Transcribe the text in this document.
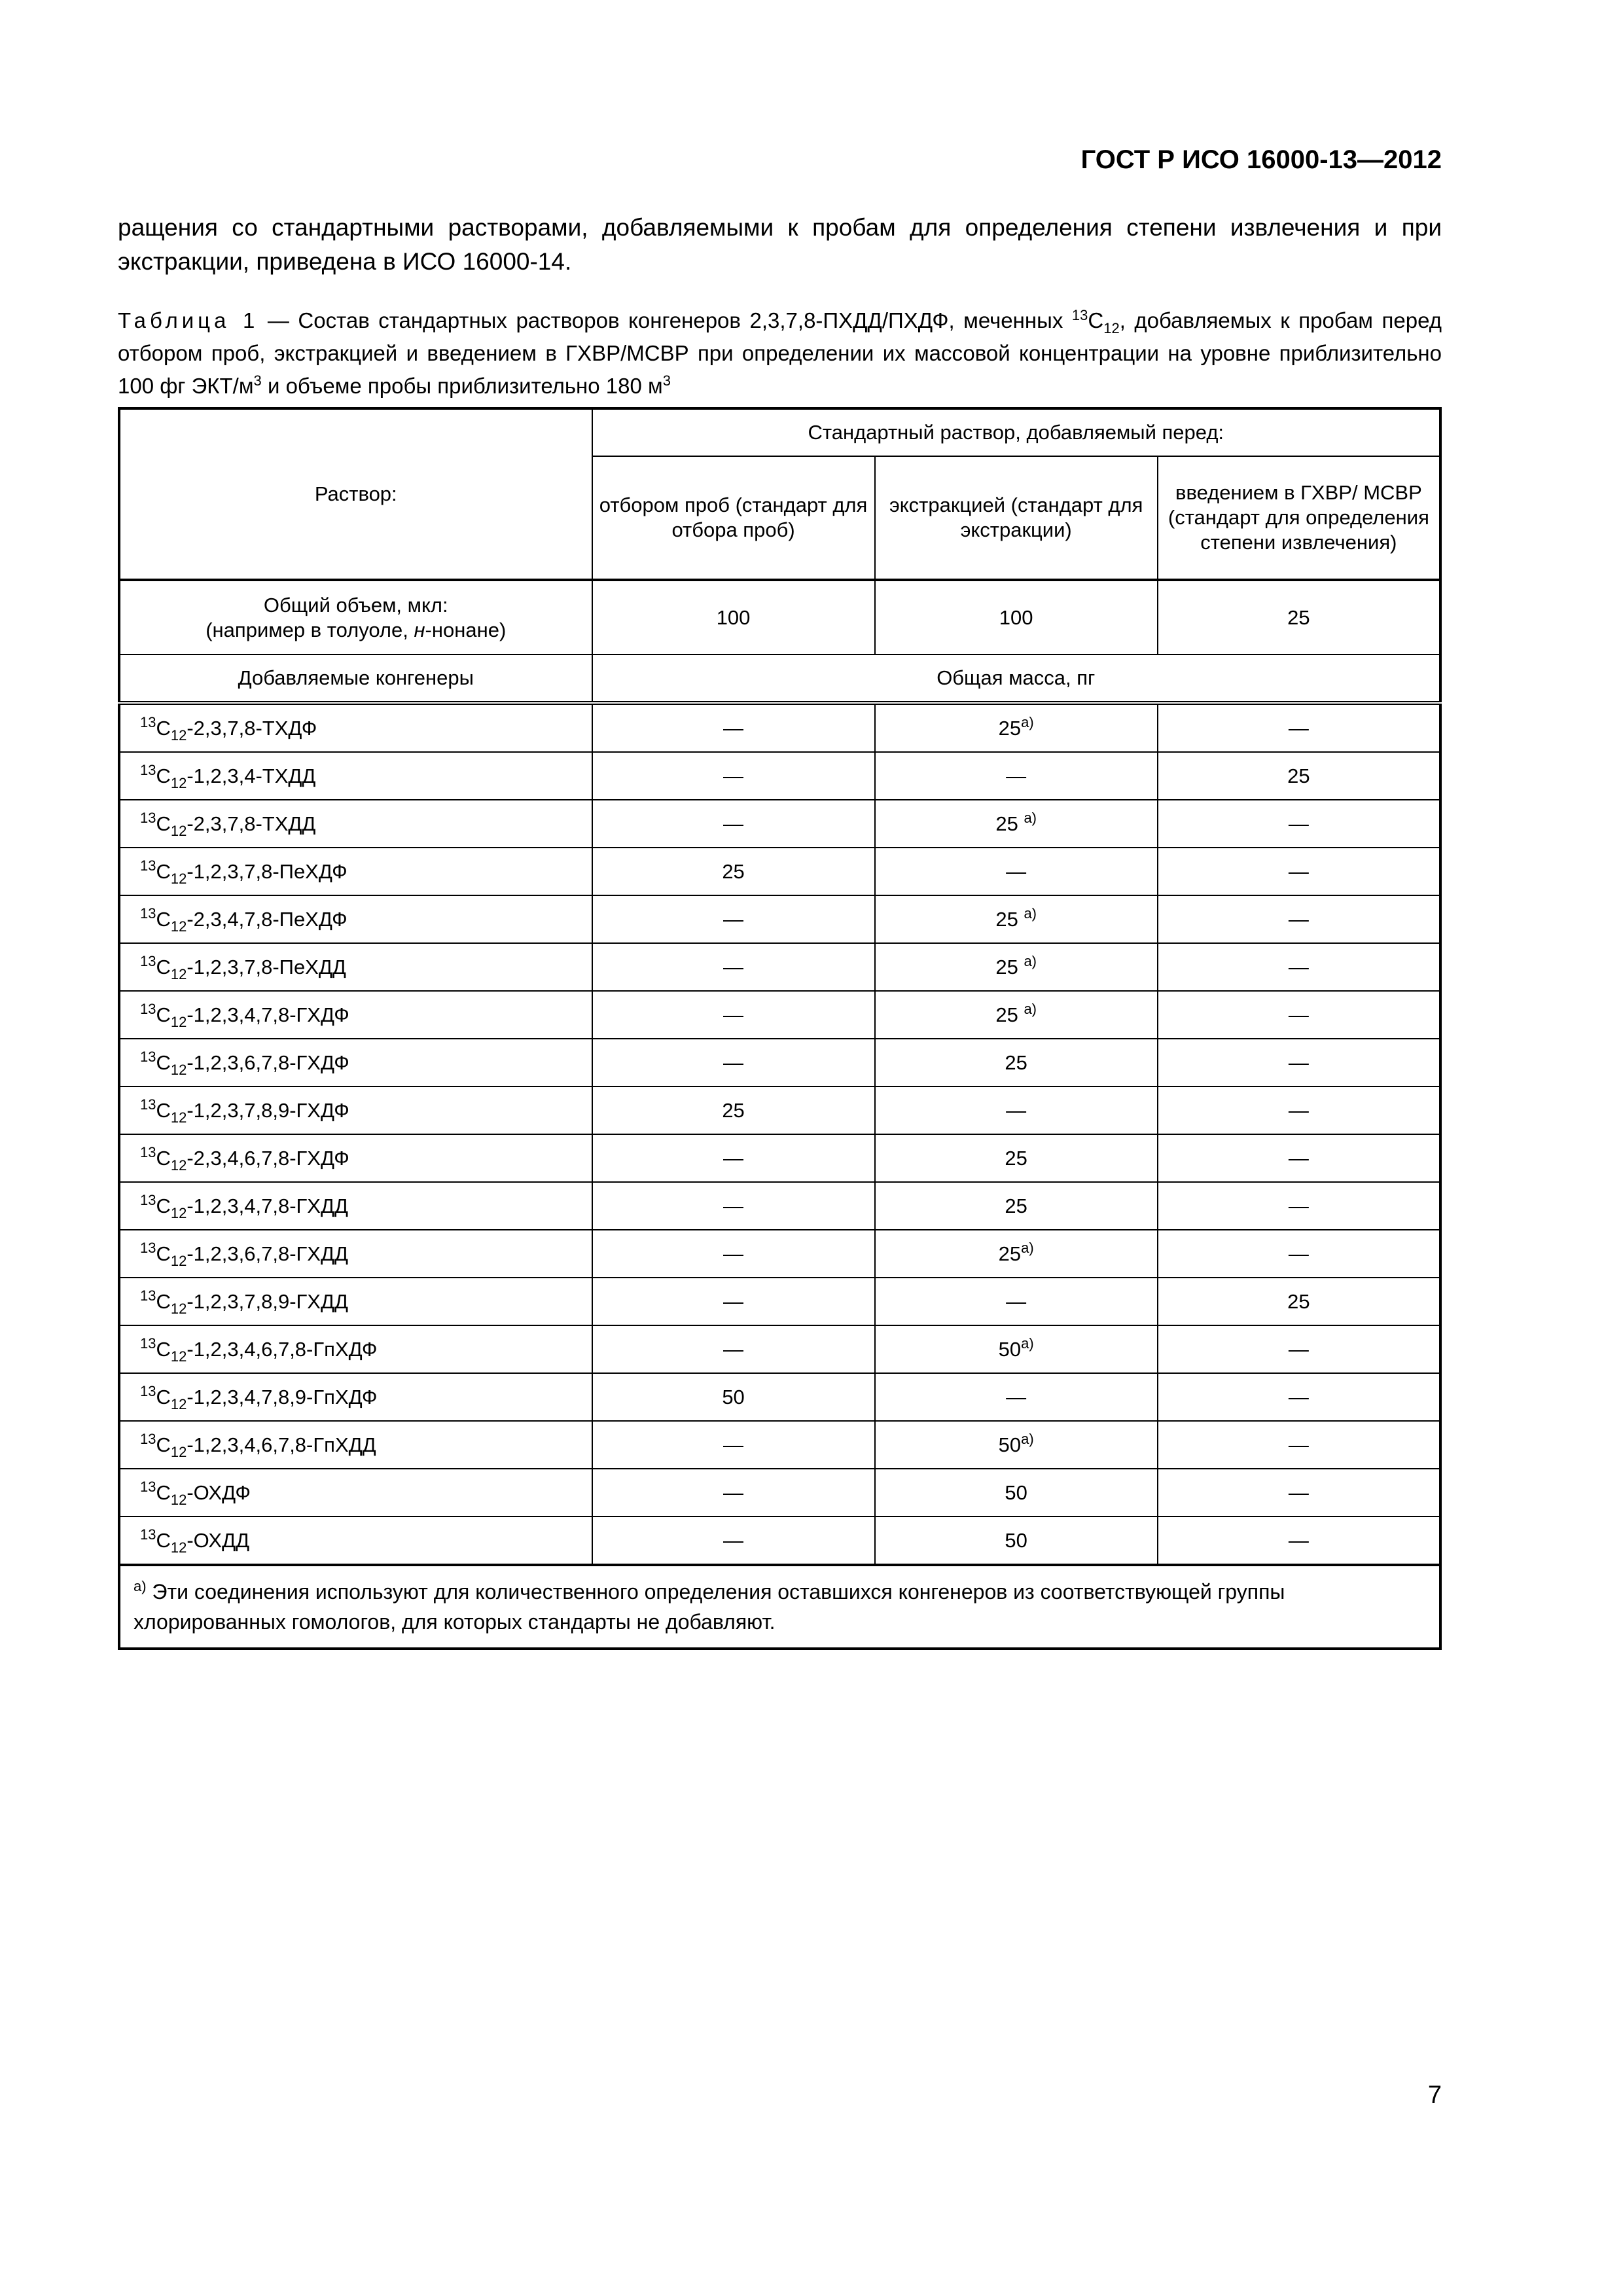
ГОСТ Р ИСО 16000-13—2012
ращения со стандартными растворами, добавляемыми к пробам для определения степени извлечения и при экстракции, приведена в ИСО 16000-14.
Таблица 1 — Состав стандартных растворов конгенеров 2,3,7,8-ПХДД/ПХДФ, меченных $^{13}С_{12}$, добавляемых к пробам перед отбором проб, экстракцией и введением в ГХВР/МСВР при определении их массовой концентрации на уровне приблизительно 100 фг ЭКТ/$м^3$ и объеме пробы приблизительно 180 $м^3$
Раствор:	Стандартный раствор, добавляемый перед:		
	отбором проб (стандарт для отбора проб)	экстракцией (стандарт для экстракции)	введением в ГХВР/ МСВР (стандарт для определения степени извлечения)
Общий объем, мкл:
(например в толуоле, н-нонане)	100	100	25
Добавляемые конгенеры	Общая масса, пг		
$^{13}С_{12}-2,3,7,8$-ТХДФ	—	$25^{а)}$	—
$^{13}С_{12}-1,2,3,4$-ТХДД	—	—	25
$^{13}С_{12}-2,3,7,8$-ТХДД	—	25 $^{а)}$	—
$^{13}С_{12}-1,2,3,7,8$-ПеХДФ	25	—	—
$^{13}С_{12}-2,3,4,7,8$-ПеХДФ	—	25 $^{а)}$	—
$^{13}С_{12}-1,2,3,7,8$-ПеХДД	—	25 $^{а)}$	—
$^{13}С_{12}-1,2,3,4,7,8$-ГХДФ	—	25 $^{а)}$	—
$^{13}С_{12}-1,2,3,6,7,8$-ГХДФ	—	25	—
$^{13}С_{12}-1,2,3,7,8,9$-ГХДФ	25	—	—
$^{13}С_{12}-2,3,4,6,7,8$-ГХДФ	—	25	—
$^{13}С_{12}-1,2,3,4,7,8$-ГХДД	—	25	—
$^{13}С_{12}-1,2,3,6,7,8$-ГХДД	—	$25^{а)}$	—
$^{13}С_{12}-1,2,3,7,8,9$-ГХДД	—	—	25
$^{13}С_{12}-1,2,3,4,6,7,8$-ГпХДФ	—	$50^{а)}$	—
$^{13}С_{12}-1,2,3,4,7,8,9$-ГпХДФ	50	—	—
$^{13}С_{12}-1,2,3,4,6,7,8$-ГпХДД	—	$50^{а)}$	—
$^{13}С_{12}$-ОХДФ	—	50	—
$^{13}С_{12}$-ОХДД	—	50	—
$^{а)}$ Эти соединения используют для количественного определения оставшихся конгенеров из соответствующей группы хлорированных гомологов, для которых стандарты не добавляют.			
7
